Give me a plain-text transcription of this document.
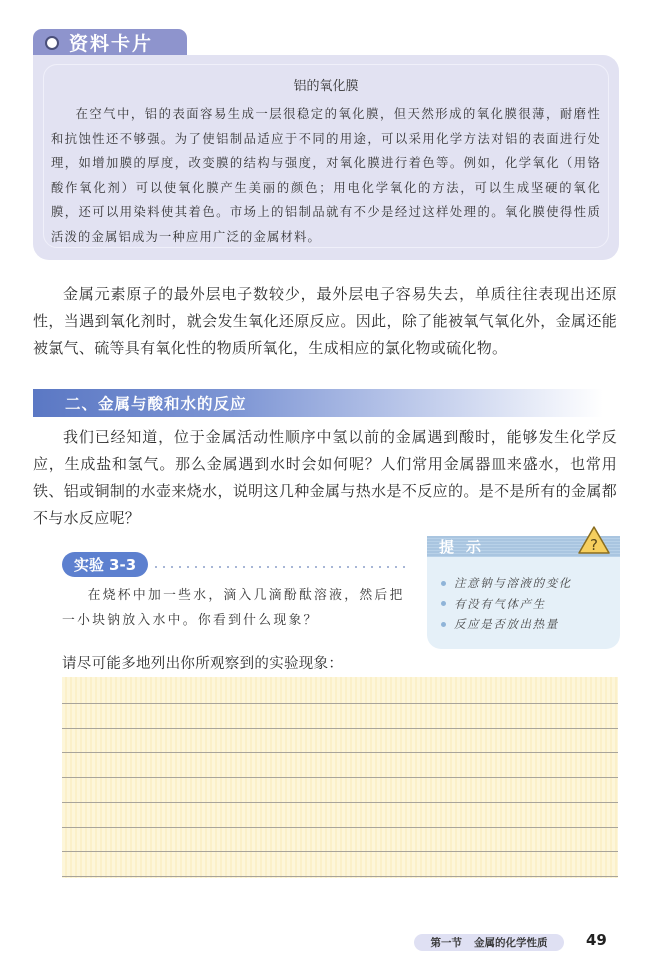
资料卡片
铝的氧化膜

在空气中，铝的表面容易生成一层很稳定的氧化膜，但天然形成的氧化膜很薄，耐磨性和抗蚀性还不够强。为了使铝制品适应于不同的用途，可以采用化学方法对铝的表面进行处理，如增加膜的厚度，改变膜的结构与强度，对氧化膜进行着色等。例如，化学氧化（用铬酸作氧化剂）可以使氧化膜产生美丽的颜色；用电化学氧化的方法，可以生成坚硬的氧化膜，还可以用染料使其着色。市场上的铝制品就有不少是经过这样处理的。氧化膜使得性质活泼的金属铝成为一种应用广泛的金属材料。

金属元素原子的最外层电子数较少，最外层电子容易失去，单质往往表现出还原性，当遇到氧化剂时，就会发生氧化还原反应。因此，除了能被氧气氧化外，金属还能被氯气、硫等具有氧化性的物质所氧化，生成相应的氯化物或硫化物。

二、金属与酸和水的反应

我们已经知道，位于金属活动性顺序中氢以前的金属遇到酸时，能够发生化学反应，生成盐和氢气。那么金属遇到水时会如何呢？人们常用金属器皿来盛水，也常用铁、铝或铜制的水壶来烧水，说明这几种金属与热水是不反应的。是不是所有的金属都不与水反应呢？

实验 3-3

在烧杯中加一些水，滴入几滴酚酞溶液，然后把一小块钠放入水中。你看到什么现象？

提示	?
注意钠与溶液的变化
有没有气体产生
反应是否放出热量
请尽可能多地列出你所观察到的实验现象：
第一节 金属的化学性质	49
